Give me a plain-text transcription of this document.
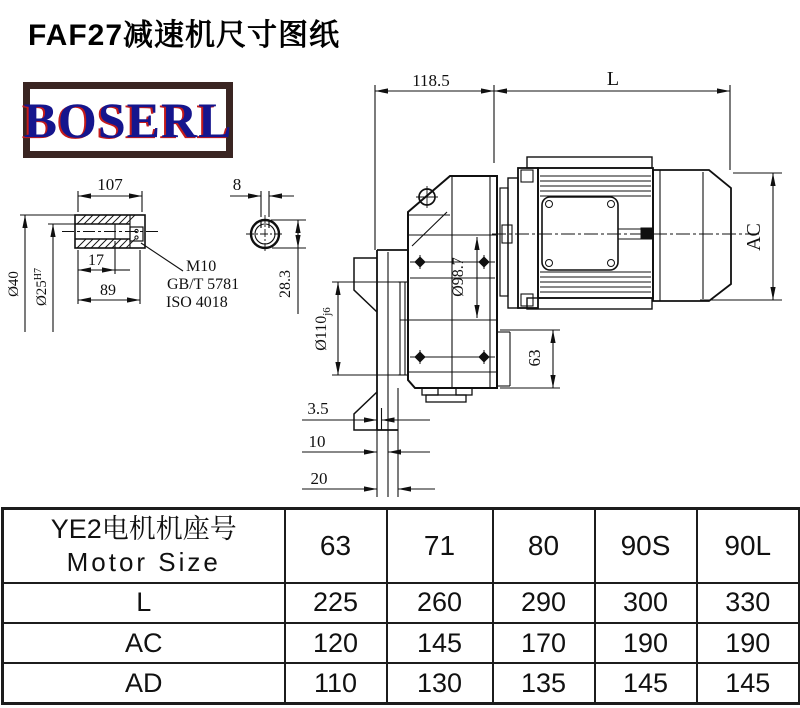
FAF27减速机尺寸图纸
BOSERL
118.5	L
AC
107	8
17
89
M10
GB/T 5781
ISO 4018
Ø40 $Ø25^{H7}$	28.3
$Ø110_{j6}$
Ø98.7
63
3.5
10
20
YE2电机机座号
Motor Size	63	71	80	90S	90L
L	225	260	290	300	330
AC	120	145	170	190	190
AD	110	130	135	145	145
